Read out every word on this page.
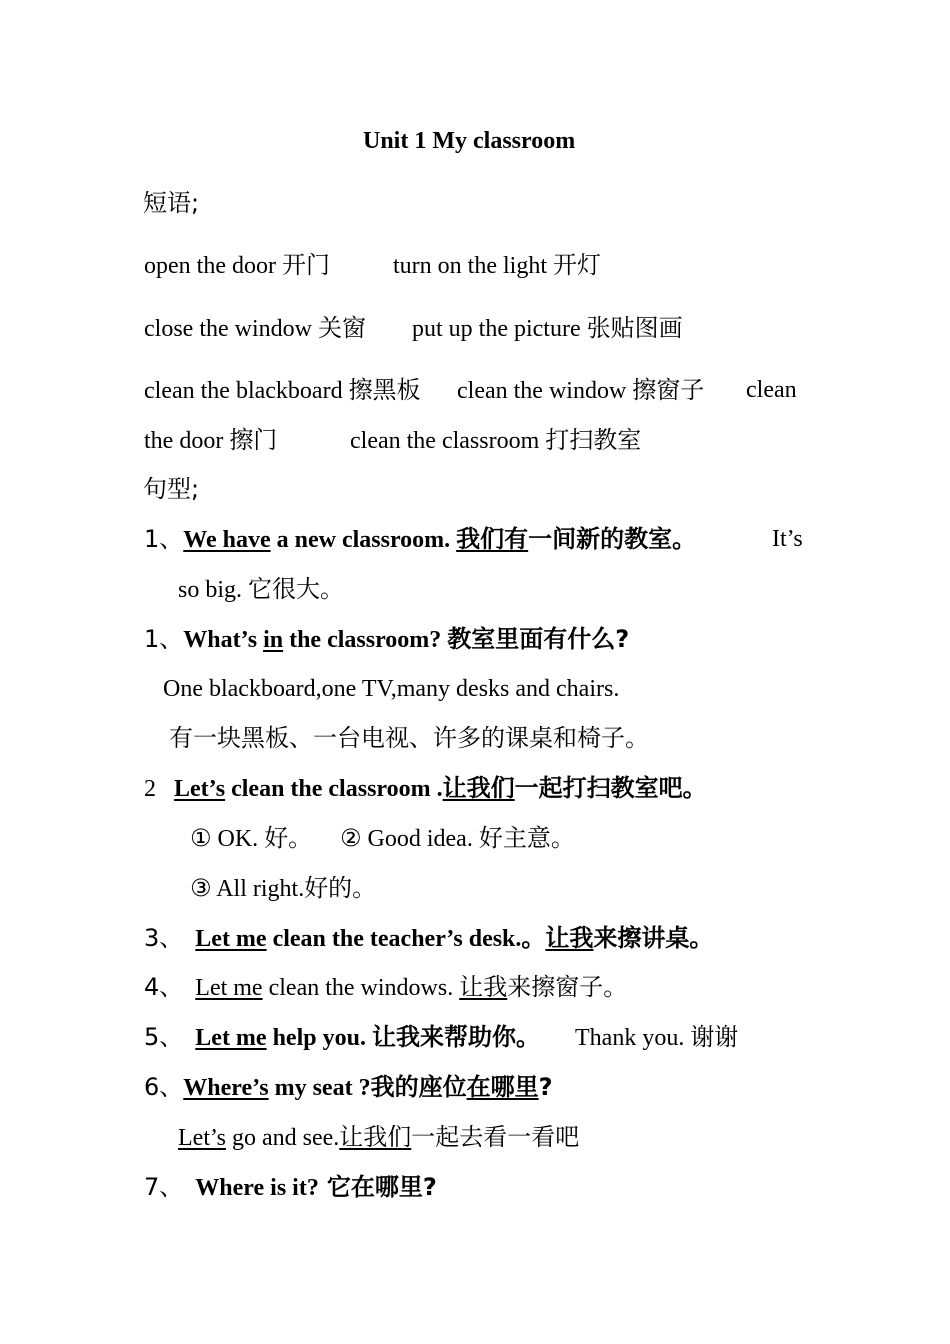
Unit 1 My classroom
短语;
open the door 开门	turn on the light 开灯
close the window 关窗 put up the picture 张贴图画
clean the blackboard 擦黑板 clean the window 擦窗子 clean
the door 擦门	clean the classroom 打扫教室
句型;
1、We have a new classroom. 我们有一间新的教室。	It’s
so big. 它很大。
1、What’s in the classroom? 教室里面有什么?
One blackboard,one TV,many desks and chairs.
有一块黑板、一台电视、许多的课桌和椅子。
2 Let’s clean the classroom .让我们一起打扫教室吧。
① OK. 好。 ② Good idea. 好主意。
③ All right.好的。
3、 Let me clean the teacher’s desk.。让我来擦讲桌。
4、 Let me clean the windows. 让我来擦窗子。
5、 Let me help you. 让我来帮助你。 Thank you. 谢谢
6、Where’s my seat ?我的座位在哪里?
Let’s go and see.让我们一起去看一看吧
7、 Where is it? 它在哪里?
